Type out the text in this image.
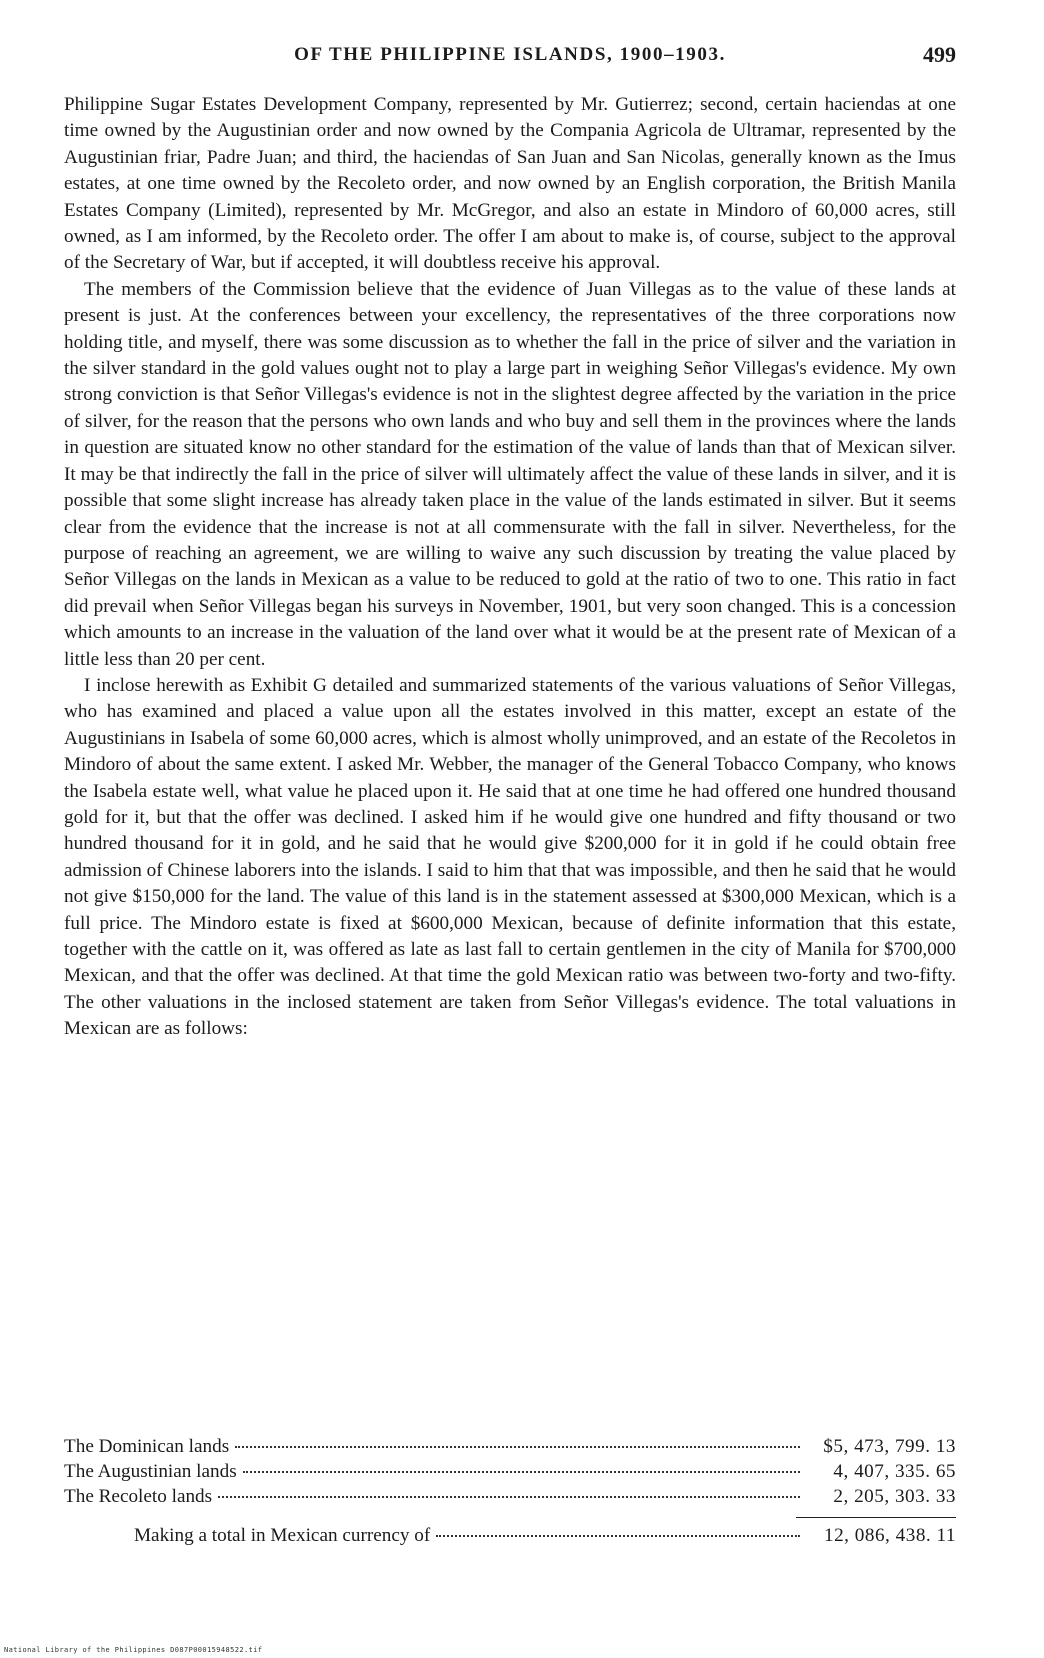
OF THE PHILIPPINE ISLANDS, 1900–1903.	499

Philippine Sugar Estates Development Company, represented by Mr. Gutierrez; second, certain haciendas at one time owned by the Augustinian order and now owned by the Compania Agricola de Ultramar, represented by the Augustinian friar, Padre Juan; and third, the haciendas of San Juan and San Nicolas, generally known as the Imus estates, at one time owned by the Recoleto order, and now owned by an English corporation, the British Manila Estates Company (Limited), represented by Mr. McGregor, and also an estate in Mindoro of 60,000 acres, still owned, as I am informed, by the Recoleto order. The offer I am about to make is, of course, subject to the approval of the Secretary of War, but if accepted, it will doubtless receive his approval.

The members of the Commission believe that the evidence of Juan Villegas as to the value of these lands at present is just. At the conferences between your excellency, the representatives of the three corporations now holding title, and myself, there was some discussion as to whether the fall in the price of silver and the variation in the silver standard in the gold values ought not to play a large part in weighing Señor Villegas's evidence. My own strong conviction is that Señor Villegas's evidence is not in the slightest degree affected by the variation in the price of silver, for the reason that the persons who own lands and who buy and sell them in the provinces where the lands in question are situated know no other standard for the estimation of the value of lands than that of Mexican silver. It may be that indirectly the fall in the price of silver will ultimately affect the value of these lands in silver, and it is possible that some slight increase has already taken place in the value of the lands estimated in silver. But it seems clear from the evidence that the increase is not at all commensurate with the fall in silver. Nevertheless, for the purpose of reaching an agreement, we are willing to waive any such discussion by treating the value placed by Señor Villegas on the lands in Mexican as a value to be reduced to gold at the ratio of two to one. This ratio in fact did prevail when Señor Villegas began his surveys in November, 1901, but very soon changed. This is a concession which amounts to an increase in the valuation of the land over what it would be at the present rate of Mexican of a little less than 20 per cent.

I inclose herewith as Exhibit G detailed and summarized statements of the various valuations of Señor Villegas, who has examined and placed a value upon all the estates involved in this matter, except an estate of the Augustinians in Isabela of some 60,000 acres, which is almost wholly unimproved, and an estate of the Recoletos in Mindoro of about the same extent. I asked Mr. Webber, the manager of the General Tobacco Company, who knows the Isabela estate well, what value he placed upon it. He said that at one time he had offered one hundred thousand gold for it, but that the offer was declined. I asked him if he would give one hundred and fifty thousand or two hundred thousand for it in gold, and he said that he would give $200,000 for it in gold if he could obtain free admission of Chinese laborers into the islands. I said to him that that was impossible, and then he said that he would not give $150,000 for the land. The value of this land is in the statement assessed at $300,000 Mexican, which is a full price. The Mindoro estate is fixed at $600,000 Mexican, because of definite information that this estate, together with the cattle on it, was offered as late as last fall to certain gentlemen in the city of Manila for $700,000 Mexican, and that the offer was declined. At that time the gold Mexican ratio was between two-forty and two-fifty. The other valuations in the inclosed statement are taken from Señor Villegas's evidence. The total valuations in Mexican are as follows:

The Dominican lands	$5, 473, 799. 13
The Augustinian lands	4, 407, 335. 65
The Recoleto lands	2, 205, 303. 33
Making a total in Mexican currency of	12, 086, 438. 11
National Library of the Philippines D087P00015948522.tif
